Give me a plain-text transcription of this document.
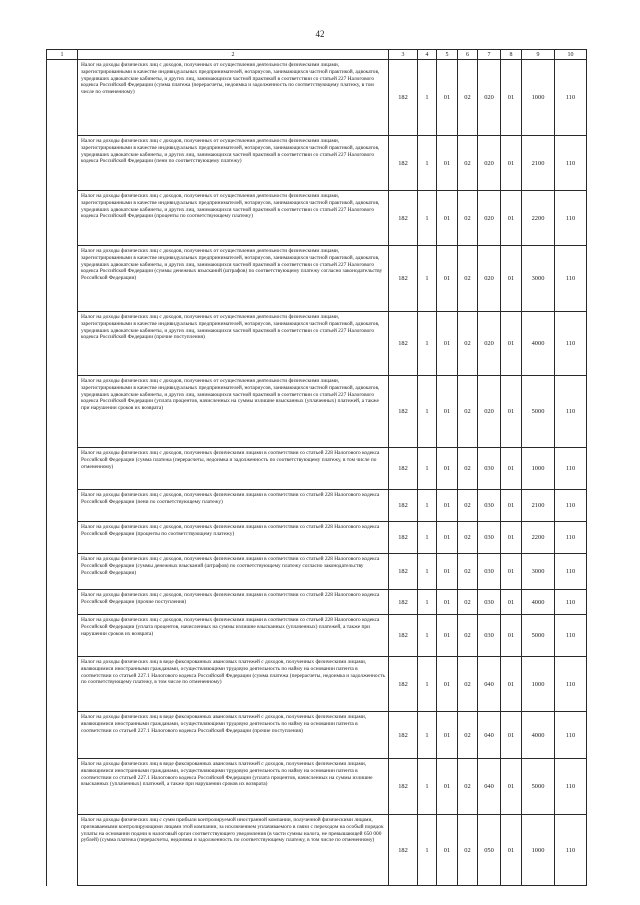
42
1	2	3	4	5	6	7	8	9	10
	Налог на доходы физических лиц с доходов, полученных от осуществления деятельности физическими лицами, зарегистрированными в качестве индивидуальных предпринимателей, нотариусов, занимающихся частной практикой, адвокатов, учредивших адвокатские кабинеты, и других лиц, занимающихся частной практикой в соответствии со статьей 227 Налогового кодекса Российской Федерации (сумма платежа (перерасчеты, недоимка и задолженность по соответствующему платежу, в том числе по отмененному)	182	1	01	02	020	01	1000	110
	Налог на доходы физических лиц с доходов, полученных от осуществления деятельности физическими лицами, зарегистрированными в качестве индивидуальных предпринимателей, нотариусов, занимающихся частной практикой, адвокатов, учредивших адвокатские кабинеты, и других лиц, занимающихся частной практикой в соответствии со статьей 227 Налогового кодекса Российской Федерации (пени по соответствующему платежу)	182	1	01	02	020	01	2100	110
	Налог на доходы физических лиц с доходов, полученных от осуществления деятельности физическими лицами, зарегистрированными в качестве индивидуальных предпринимателей, нотариусов, занимающихся частной практикой, адвокатов, учредивших адвокатские кабинеты, и других лиц, занимающихся частной практикой в соответствии со статьей 227 Налогового кодекса Российской Федерации (проценты по соответствующему платежу)	182	1	01	02	020	01	2200	110
	Налог на доходы физических лиц с доходов, полученных от осуществления деятельности физическими лицами, зарегистрированными в качестве индивидуальных предпринимателей, нотариусов, занимающихся частной практикой, адвокатов, учредивших адвокатские кабинеты, и других лиц, занимающихся частной практикой в соответствии со статьей 227 Налогового кодекса Российской Федерации (суммы денежных взысканий (штрафов) по соответствующему платежу согласно законодательству Российской Федерации)	182	1	01	02	020	01	3000	110
	Налог на доходы физических лиц с доходов, полученных от осуществления деятельности физическими лицами, зарегистрированными в качестве индивидуальных предпринимателей, нотариусов, занимающихся частной практикой, адвокатов, учредивших адвокатские кабинеты, и других лиц, занимающихся частной практикой в соответствии со статьей 227 Налогового кодекса Российской Федерации (прочие поступления)	182	1	01	02	020	01	4000	110
	Налог на доходы физических лиц с доходов, полученных от осуществления деятельности физическими лицами, зарегистрированными в качестве индивидуальных предпринимателей, нотариусов, занимающихся частной практикой, адвокатов, учредивших адвокатские кабинеты, и других лиц, занимающихся частной практикой в соответствии со статьей 227 Налогового кодекса Российской Федерации (уплата процентов, начисленных на суммы излишне взысканных (уплаченных) платежей, а также при нарушении сроков их возврата)	182	1	01	02	020	01	5000	110
	Налог на доходы физических лиц с доходов, полученных физическими лицами в соответствии со статьей 228 Налогового кодекса Российской Федерации (сумма платежа (перерасчеты, недоимка и задолженность по соответствующему платежу, в том числе по отмененному)	182	1	01	02	030	01	1000	110
	Налог на доходы физических лиц с доходов, полученных физическими лицами в соответствии со статьей 228 Налогового кодекса Российской Федерации (пени по соответствующему платежу)	182	1	01	02	030	01	2100	110
	Налог на доходы физических лиц с доходов, полученных физическими лицами в соответствии со статьей 228 Налогового кодекса Российской Федерации (проценты по соответствующему платежу)	182	1	01	02	030	01	2200	110
	Налог на доходы физических лиц с доходов, полученных физическими лицами в соответствии со статьей 228 Налогового кодекса Российской Федерации (суммы денежных взысканий (штрафов) по соответствующему платежу согласно законодательству Российской Федерации)	182	1	01	02	030	01	3000	110
	Налог на доходы физических лиц с доходов, полученных физическими лицами в соответствии со статьей 228 Налогового кодекса Российской Федерации (прочие поступления)	182	1	01	02	030	01	4000	110
	Налог на доходы физических лиц с доходов, полученных физическими лицами в соответствии со статьей 228 Налогового кодекса Российской Федерации (уплата процентов, начисленных на суммы излишне взысканных (уплаченных) платежей, а также при нарушении сроков их возврата)	182	1	01	02	030	01	5000	110
	Налог на доходы физических лиц в виде фиксированных авансовых платежей с доходов, полученных физическими лицами, являющимися иностранными гражданами, осуществляющими трудовую деятельность по найму на основании патента в соответствии со статьей 227.1 Налогового кодекса Российской Федерации (сумма платежа (перерасчеты, недоимка и задолженность по соответствующему платежу, в том числе по отмененному)	182	1	01	02	040	01	1000	110
	Налог на доходы физических лиц в виде фиксированных авансовых платежей с доходов, полученных физическими лицами, являющимися иностранными гражданами, осуществляющими трудовую деятельность по найму на основании патента в соответствии со статьей 227.1 Налогового кодекса Российской Федерации (прочие поступления)	182	1	01	02	040	01	4000	110
	Налог на доходы физических лиц в виде фиксированных авансовых платежей с доходов, полученных физическими лицами, являющимися иностранными гражданами, осуществляющими трудовую деятельность по найму на основании патента в соответствии со статьей 227.1 Налогового кодекса Российской Федерации (уплата процентов, начисленных на суммы излишне взысканных (уплаченных) платежей, а также при нарушении сроков их возврата)	182	1	01	02	040	01	5000	110
	Налог на доходы физических лиц с сумм прибыли контролируемой иностранной компании, полученной физическими лицами, признаваемыми контролирующими лицами этой компании, за исключением уплачиваемого в связи с переходом на особый порядок уплаты на основании подачи в налоговый орган соответствующего уведомления (в части суммы налога, не превышающей 650 000 рублей) (сумма платежа (перерасчеты, недоимка и задолженность по соответствующему платежу, в том числе по отмененному)	182	1	01	02	050	01	1000	110
